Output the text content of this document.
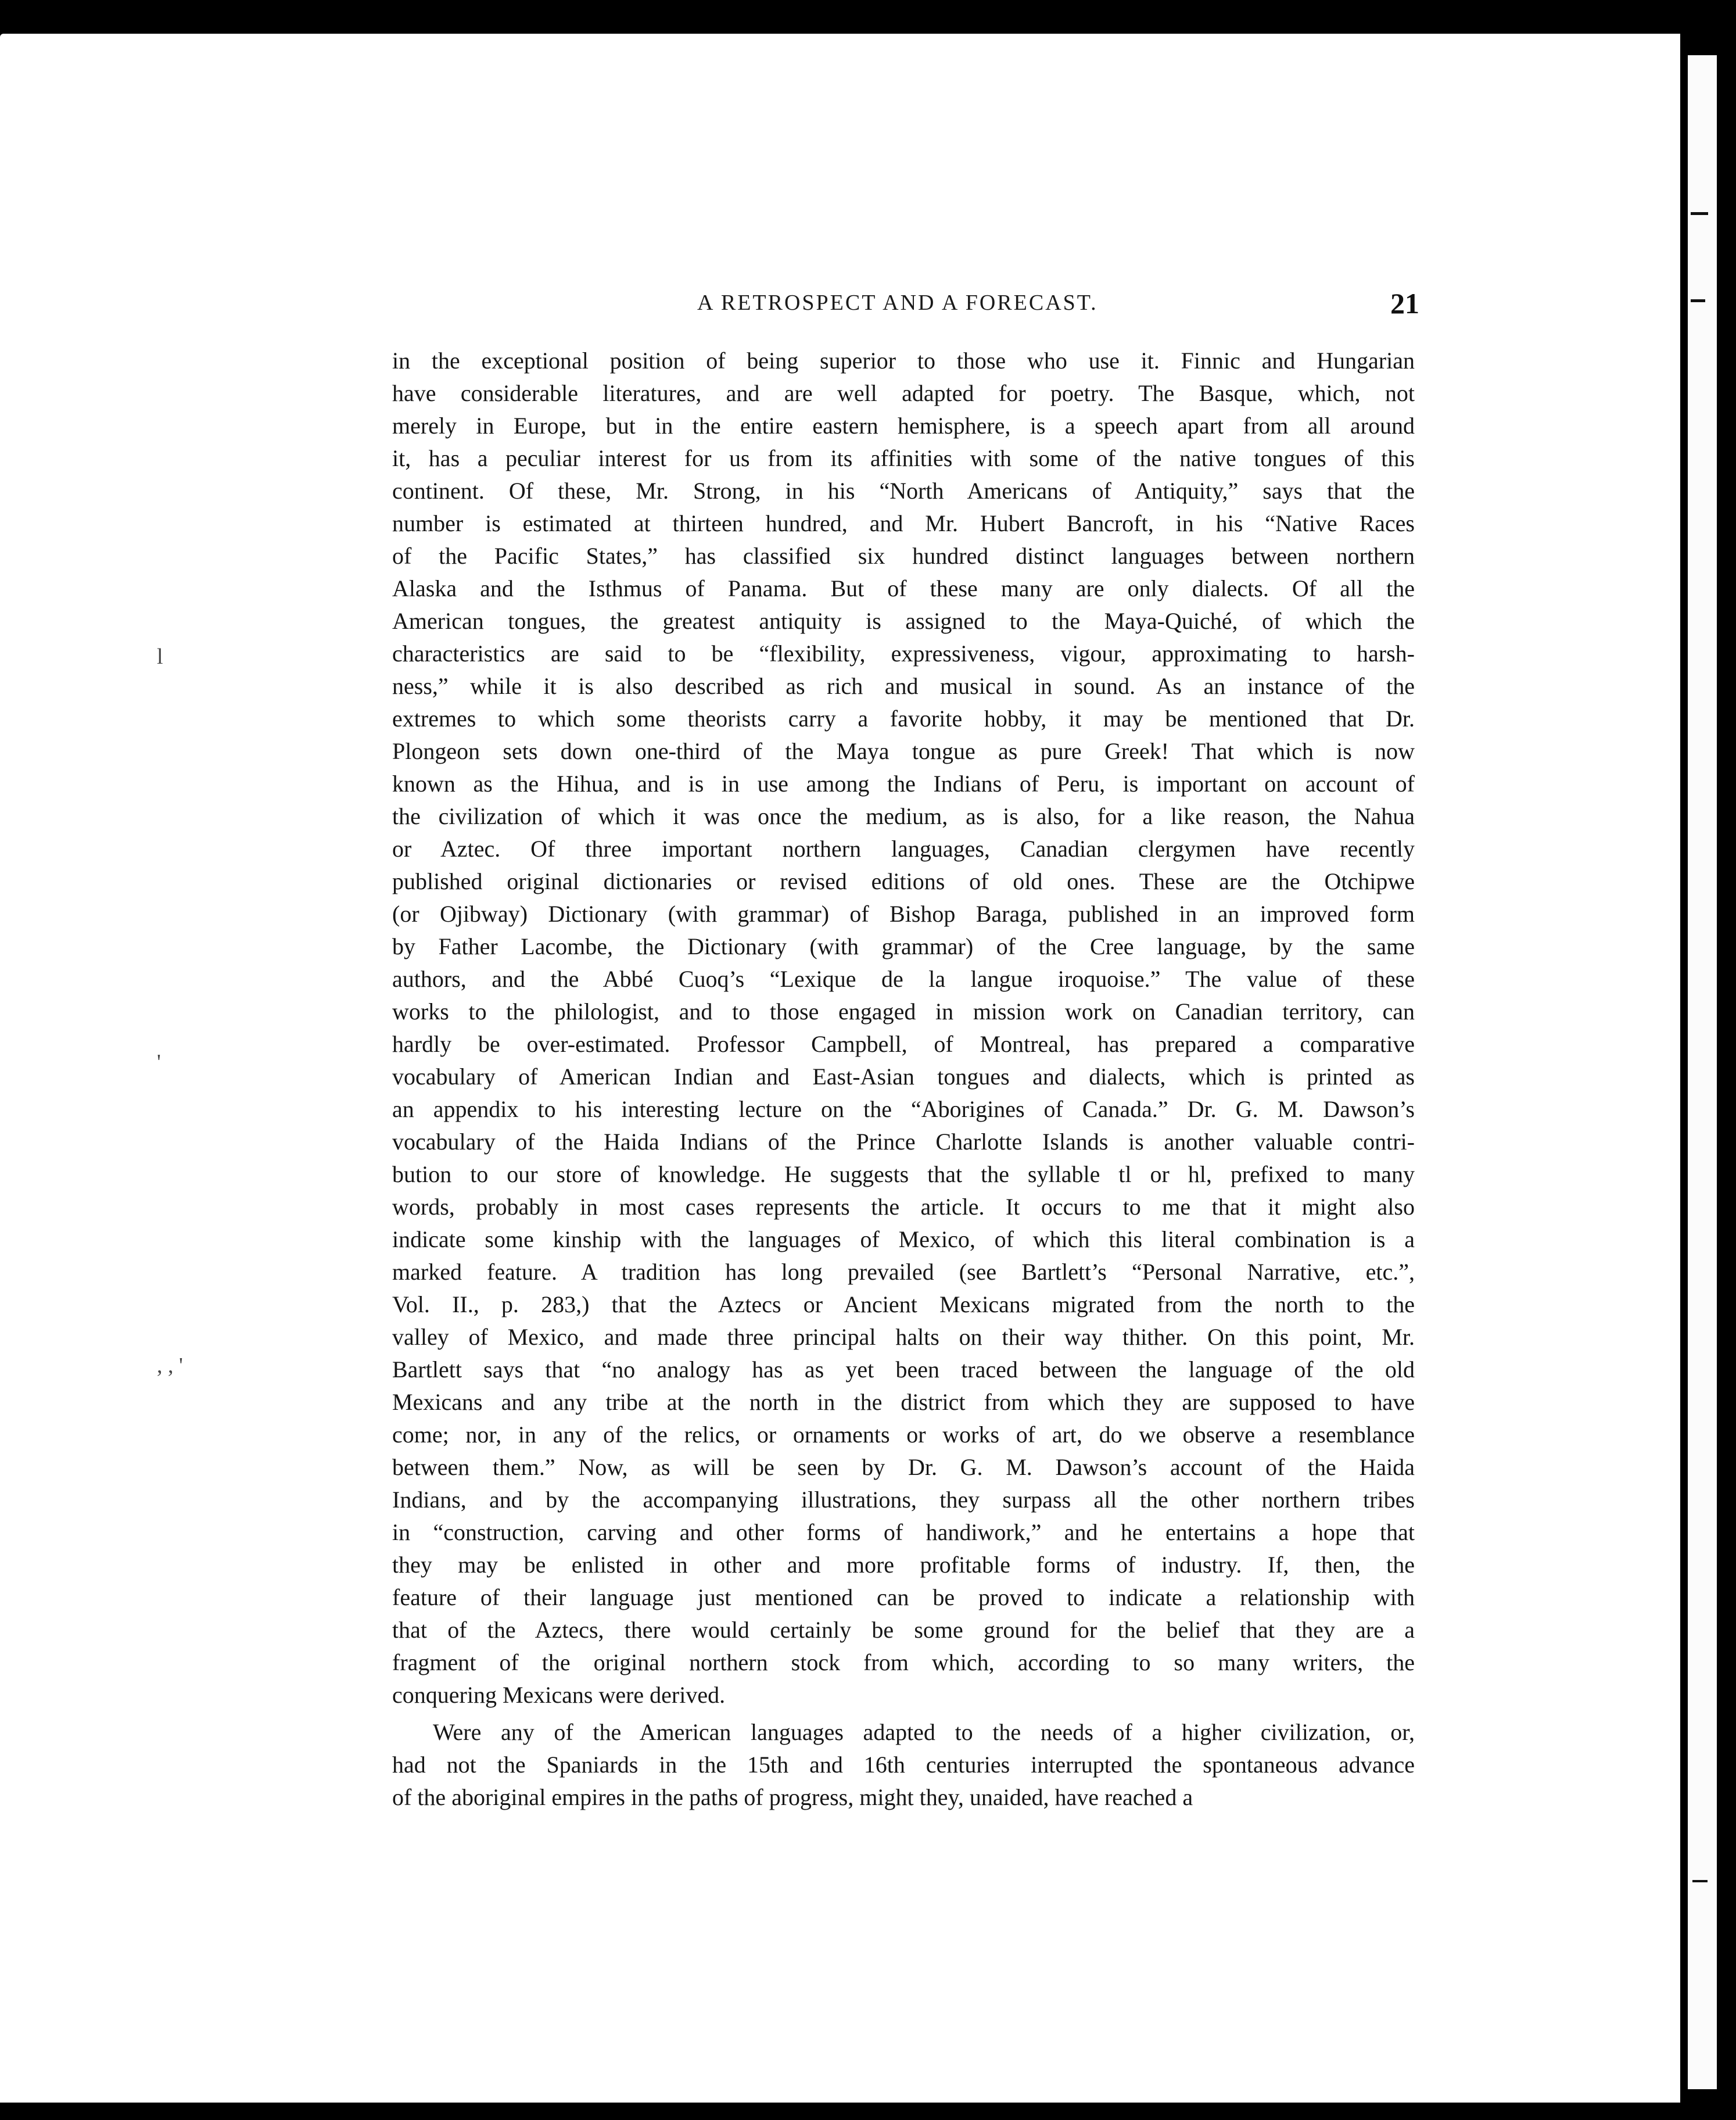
A RETROSPECT AND A FORECAST.	21
l
'
, , '
in the exceptional position of being superior to those who use it. Finnic and Hungarian
have considerable literatures, and are well adapted for poetry. The Basque, which, not
merely in Europe, but in the entire eastern hemisphere, is a speech apart from all around
it, has a peculiar interest for us from its affinities with some of the native tongues of this
continent. Of these, Mr. Strong, in his “North Americans of Antiquity,” says that the
number is estimated at thirteen hundred, and Mr. Hubert Bancroft, in his “Native Races
of the Pacific States,” has classified six hundred distinct languages between northern
Alaska and the Isthmus of Panama. But of these many are only dialects. Of all the
American tongues, the greatest antiquity is assigned to the Maya-Quiché, of which the
characteristics are said to be “flexibility, expressiveness, vigour, approximating to harsh-
ness,” while it is also described as rich and musical in sound. As an instance of the
extremes to which some theorists carry a favorite hobby, it may be mentioned that Dr.
Plongeon sets down one-third of the Maya tongue as pure Greek! That which is now
known as the Hihua, and is in use among the Indians of Peru, is important on account of
the civilization of which it was once the medium, as is also, for a like reason, the Nahua
or Aztec. Of three important northern languages, Canadian clergymen have recently
published original dictionaries or revised editions of old ones. These are the Otchipwe
(or Ojibway) Dictionary (with grammar) of Bishop Baraga, published in an improved form
by Father Lacombe, the Dictionary (with grammar) of the Cree language, by the same
authors, and the Abbé Cuoq’s “Lexique de la langue iroquoise.” The value of these
works to the philologist, and to those engaged in mission work on Canadian territory, can
hardly be over-estimated. Professor Campbell, of Montreal, has prepared a comparative
vocabulary of American Indian and East-Asian tongues and dialects, which is printed as
an appendix to his interesting lecture on the “Aborigines of Canada.” Dr. G. M. Dawson’s
vocabulary of the Haida Indians of the Prince Charlotte Islands is another valuable contri-
bution to our store of knowledge. He suggests that the syllable tl or hl, prefixed to many
words, probably in most cases represents the article. It occurs to me that it might also
indicate some kinship with the languages of Mexico, of which this literal combination is a
marked feature. A tradition has long prevailed (see Bartlett’s “Personal Narrative, etc.”,
Vol. II., p. 283,) that the Aztecs or Ancient Mexicans migrated from the north to the
valley of Mexico, and made three principal halts on their way thither. On this point, Mr.
Bartlett says that “no analogy has as yet been traced between the language of the old
Mexicans and any tribe at the north in the district from which they are supposed to have
come; nor, in any of the relics, or ornaments or works of art, do we observe a resemblance
between them.” Now, as will be seen by Dr. G. M. Dawson’s account of the Haida
Indians, and by the accompanying illustrations, they surpass all the other northern tribes
in “construction, carving and other forms of handiwork,” and he entertains a hope that
they may be enlisted in other and more profitable forms of industry. If, then, the
feature of their language just mentioned can be proved to indicate a relationship with
that of the Aztecs, there would certainly be some ground for the belief that they are a
fragment of the original northern stock from which, according to so many writers, the
conquering Mexicans were derived.
Were any of the American languages adapted to the needs of a higher civilization, or,
had not the Spaniards in the 15th and 16th centuries interrupted the spontaneous advance
of the aboriginal empires in the paths of progress, might they, unaided, have reached a
